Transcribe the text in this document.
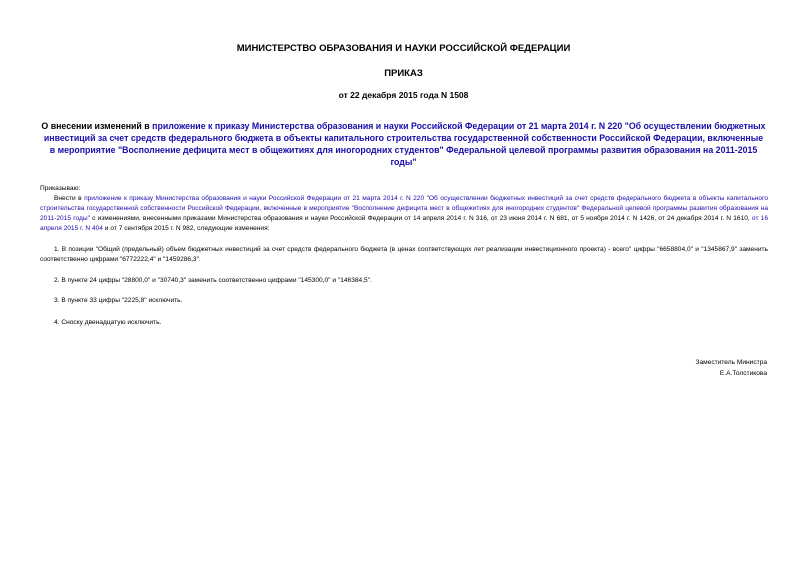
МИНИСТЕРСТВО ОБРАЗОВАНИЯ И НАУКИ РОССИЙСКОЙ ФЕДЕРАЦИИ
ПРИКАЗ
от 22 декабря 2015 года N 1508
О внесении изменений в приложение к приказу Министерства образования и науки Российской Федерации от 21 марта 2014 г. N 220 "Об осуществлении бюджетных инвестиций за счет средств федерального бюджета в объекты капитального строительства государственной собственности Российской Федерации, включенные в мероприятие "Восполнение дефицита мест в общежитиях для иногородних студентов" Федеральной целевой программы развития образования на 2011-2015 годы"
Приказываю:
Внести в приложение к приказу Министерства образования и науки Российской Федерации от 21 марта 2014 г. N 220 "Об осуществлении бюджетных инвестиций за счет средств федерального бюджета в объекты капитального строительства государственной собственности Российской Федерации, включенные в мероприятие "Восполнение дефицита мест в общежитиях для иногородних студентов" Федеральной целевой программы развития образования на 2011-2015 годы" с изменениями, внесенными приказами Министерства образования и науки Российской Федерации от 14 апреля 2014 г. N 316, от 23 июня 2014 г. N 681, от 5 ноября 2014 г. N 1426, от 24 декабря 2014 г. N 1610, от 16 апреля 2015 г. N 404 и от 7 сентября 2015 г. N 982, следующие изменения:
1. В позиции "Общий (предельный) объем бюджетных инвестиций за счет средств федерального бюджета (в ценах соответствующих лет реализации инвестиционного проекта) - всего" цифры "6658804,0" и "1345867,9" заменить соответственно цифрами "6772222,4" и "1459286,3".
2. В пункте 24 цифры "28800,0" и "30740,3" заменить соответственно цифрами "145300,0" и "146384,5".
3. В пункте 33 цифры "2225,8" исключить.
4. Сноску двенадцатую исключить.
Заместитель Министра
Е.А.Толстикова
